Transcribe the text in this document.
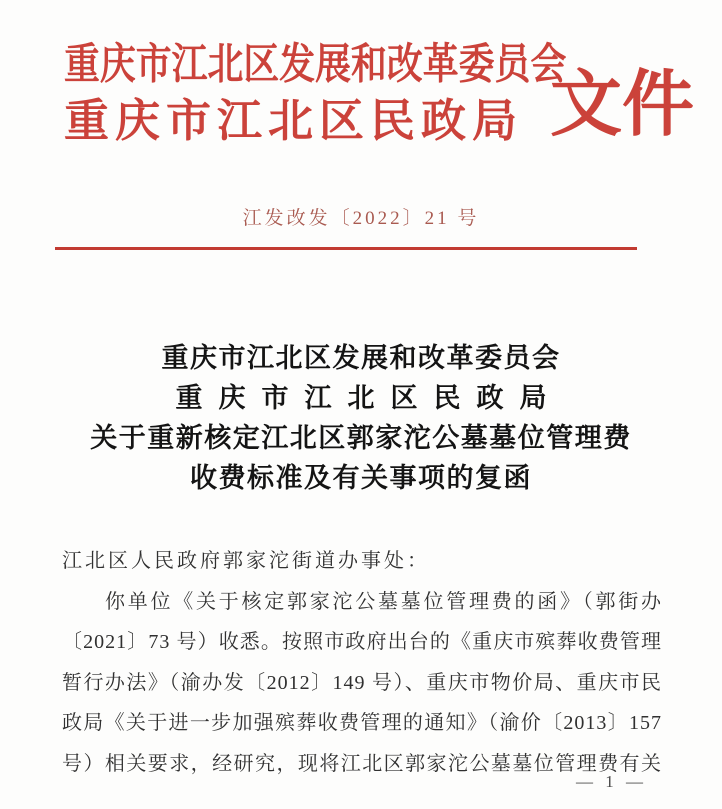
重庆市江北区发展和改革委员会
重庆市江北区民政局 文件
江发改发〔2022〕21 号
重庆市江北区发展和改革委员会
重庆市江北区民政局
关于重新核定江北区郭家沱公墓墓位管理费
收费标准及有关事项的复函
江北区人民政府郭家沱街道办事处：
你单位《关于核定郭家沱公墓墓位管理费的函》（郭街办
〔2021〕73 号）收悉。按照市政府出台的《重庆市殡葬收费管理
暂行办法》（渝办发〔2012〕149 号）、重庆市物价局、重庆市民
政局《关于进一步加强殡葬收费管理的通知》（渝价〔2013〕157
号）相关要求，经研究，现将江北区郭家沱公墓墓位管理费有关
— 1 —
